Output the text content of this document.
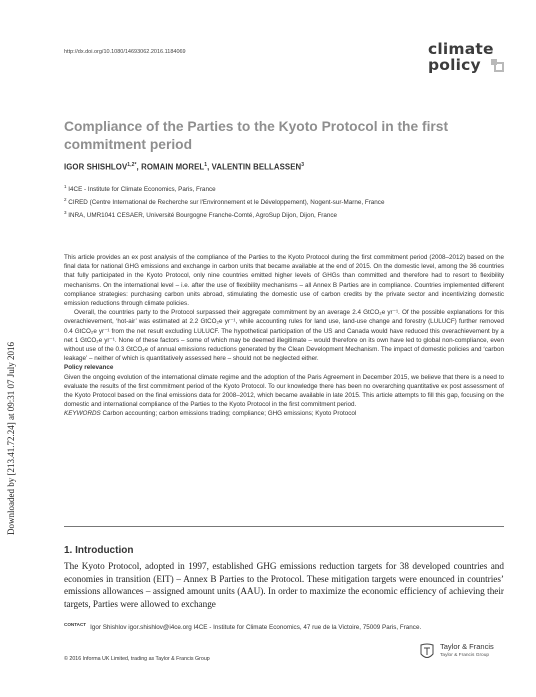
http://dx.doi.org/10.1080/14693062.2016.1184069	climate
policy
Compliance of the Parties to the Kyoto Protocol in the first commitment period
IGOR $SHISHLOV^{1,2*}$, ROMAIN MOREL$^1$, VALENTIN BELLASSEN$^3$
$^1$ I4CE - Institute for Climate Economics, Paris, France
$^2$ CIRED (Centre International de Recherche sur l'Environnement et le Développement), Nogent-sur-Marne, France
$^3$ INRA, UMR1041 CESAER, Université Bourgogne Franche-Comté, AgroSup Dijon, Dijon, France
Downloaded by [213.41.72.24] at 09:31 07 July 2016

This article provides an ex post analysis of the compliance of the Parties to the Kyoto Protocol during the first commitment period (2008–2012) based on the final data for national GHG emissions and exchange in carbon units that became available at the end of 2015. On the domestic level, among the 36 countries that fully participated in the Kyoto Protocol, only nine countries emitted higher levels of GHGs than committed and therefore had to resort to flexibility mechanisms. On the international level – i.e. after the use of flexibility mechanisms – all Annex B Parties are in compliance. Countries implemented different compliance strategies: purchasing carbon units abroad, stimulating the domestic use of carbon credits by the private sector and incentivizing domestic emission reductions through climate policies.

Overall, the countries party to the Protocol surpassed their aggregate commitment by an average 2.4 GtCO₂e yr⁻¹. Of the possible explanations for this overachievement, ‘hot-air’ was estimated at 2.2 GtCO₂e yr⁻¹, while accounting rules for land use, land-use change and forestry (LULUCF) further removed 0.4 GtCO₂e yr⁻¹ from the net result excluding LULUCF. The hypothetical participation of the US and Canada would have reduced this overachievement by a net 1 GtCO₂e yr⁻¹. None of these factors – some of which may be deemed illegitimate – would therefore on its own have led to global non-compliance, even without use of the 0.3 GtCO₂e of annual emissions reductions generated by the Clean Development Mechanism. The impact of domestic policies and ‘carbon leakage’ – neither of which is quantitatively assessed here – should not be neglected either.

Policy relevance

Given the ongoing evolution of the international climate regime and the adoption of the Paris Agreement in December 2015, we believe that there is a need to evaluate the results of the first commitment period of the Kyoto Protocol. To our knowledge there has been no overarching quantitative ex post assessment of the Kyoto Protocol based on the final emissions data for 2008–2012, which became available in late 2015. This article attempts to fill this gap, focusing on the domestic and international compliance of the Parties to the Kyoto Protocol in the first commitment period.

KEYWORDS Carbon accounting; carbon emissions trading; compliance; GHG emissions; Kyoto Protocol

1. Introduction
The Kyoto Protocol, adopted in 1997, established GHG emissions reduction targets for 38 developed countries and economies in transition (EIT) – Annex B Parties to the Protocol. These mitigation targets were enounced in countries’ emissions allowances – assigned amount units (AAU). In order to maximize the economic efficiency of achieving their targets, Parties were allowed to exchange
$^{CONTACT}$ Igor Shishlov igor.shishlov@i4ce.org I4CE - Institute for Climate Economics, 47 rue de la Victoire, 75009 Paris, France.
© 2016 Informa UK Limited, trading as Taylor & Francis Group
Taylor & Francis
Taylor & Francis Group
